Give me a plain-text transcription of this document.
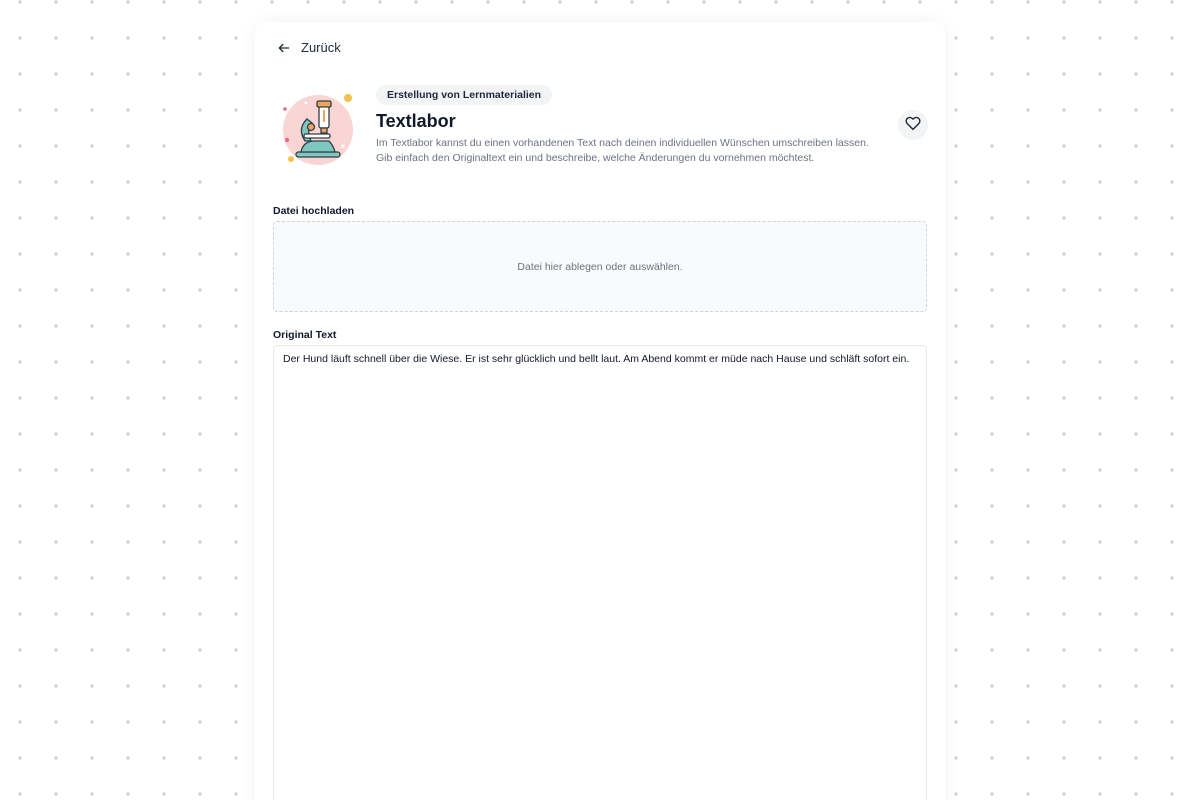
Zurück
Erstellung von Lernmaterialien
Textlabor
Im Textlabor kannst du einen vorhandenen Text nach deinen individuellen Wünschen umschreiben lassen.
Gib einfach den Originaltext ein und beschreibe, welche Änderungen du vornehmen möchtest.
Datei hochladen
Datei hier ablegen oder auswählen.
Original Text
Der Hund läuft schnell über die Wiese. Er ist sehr glücklich und bellt laut. Am Abend kommt er müde nach Hause und schläft sofort ein.
